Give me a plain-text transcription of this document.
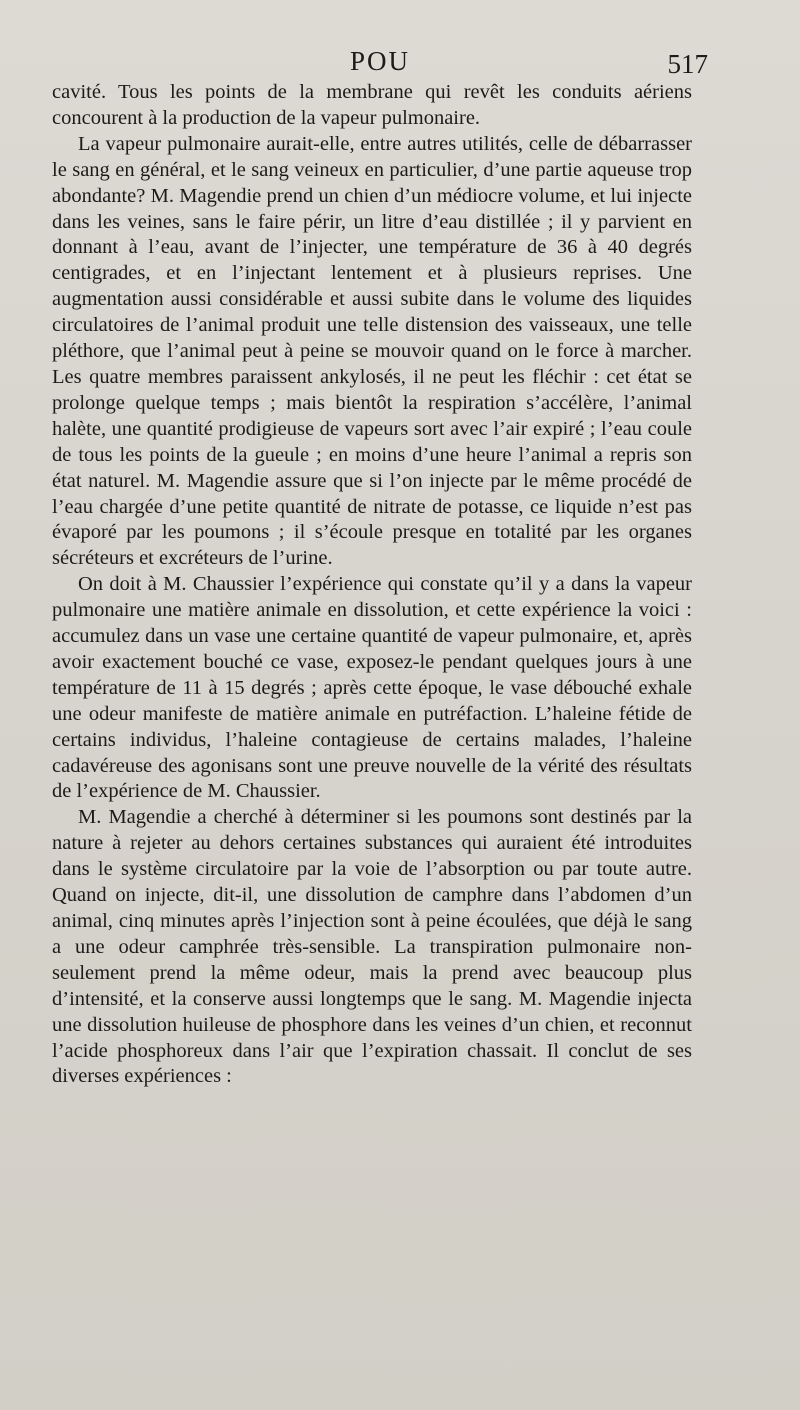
POU	517

cavité. Tous les points de la membrane qui revêt les conduits aériens concourent à la production de la vapeur pulmonaire.

La vapeur pulmonaire aurait-elle, entre autres utilités, celle de débarrasser le sang en général, et le sang veineux en particulier, d’une partie aqueuse trop abondante? M. Magendie prend un chien d’un médiocre volume, et lui injecte dans les veines, sans le faire périr, un litre d’eau distillée ; il y parvient en donnant à l’eau, avant de l’injecter, une température de 36 à 40 degrés centigrades, et en l’injectant lentement et à plusieurs reprises. Une augmentation aussi considérable et aussi subite dans le volume des liquides circulatoires de l’animal produit une telle distension des vaisseaux, une telle pléthore, que l’animal peut à peine se mouvoir quand on le force à marcher. Les quatre membres paraissent ankylosés, il ne peut les fléchir : cet état se prolonge quelque temps ; mais bientôt la respiration s’accélère, l’animal halète, une quantité prodigieuse de vapeurs sort avec l’air expiré ; l’eau coule de tous les points de la gueule ; en moins d’une heure l’animal a repris son état naturel. M. Magendie assure que si l’on injecte par le même procédé de l’eau chargée d’une petite quantité de nitrate de potasse, ce liquide n’est pas évaporé par les poumons ; il s’écoule presque en totalité par les organes sécréteurs et excréteurs de l’urine.

On doit à M. Chaussier l’expérience qui constate qu’il y a dans la vapeur pulmonaire une matière animale en dissolution, et cette expérience la voici : accumulez dans un vase une certaine quantité de vapeur pulmonaire, et, après avoir exactement bouché ce vase, exposez-le pendant quelques jours à une température de 11 à 15 degrés ; après cette époque, le vase débouché exhale une odeur manifeste de matière animale en putréfaction. L’haleine fétide de certains individus, l’haleine contagieuse de certains malades, l’haleine cadavéreuse des agonisans sont une preuve nouvelle de la vérité des résultats de l’expérience de M. Chaussier.

M. Magendie a cherché à déterminer si les poumons sont destinés par la nature à rejeter au dehors certaines substances qui auraient été introduites dans le système circulatoire par la voie de l’absorption ou par toute autre. Quand on injecte, dit-il, une dissolution de camphre dans l’abdomen d’un animal, cinq minutes après l’injection sont à peine écoulées, que déjà le sang a une odeur camphrée très-sensible. La transpiration pulmonaire non-seulement prend la même odeur, mais la prend avec beaucoup plus d’intensité, et la conserve aussi longtemps que le sang. M. Magendie injecta une dissolution huileuse de phosphore dans les veines d’un chien, et reconnut l’acide phosphoreux dans l’air que l’expiration chassait. Il conclut de ses diverses expériences :
